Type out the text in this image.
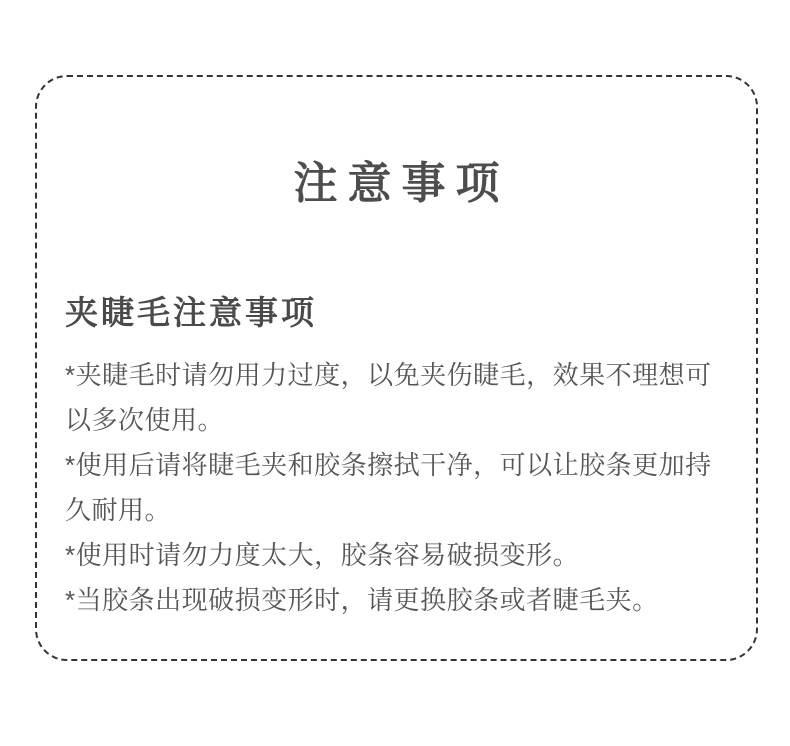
注意事项
夹睫毛注意事项

*夹睫毛时请勿用力过度，以免夹伤睫毛，效果不理想可以多次使用。

*使用后请将睫毛夹和胶条擦拭干净，可以让胶条更加持久耐用。

*使用时请勿力度太大，胶条容易破损变形。

*当胶条出现破损变形时，请更换胶条或者睫毛夹。
